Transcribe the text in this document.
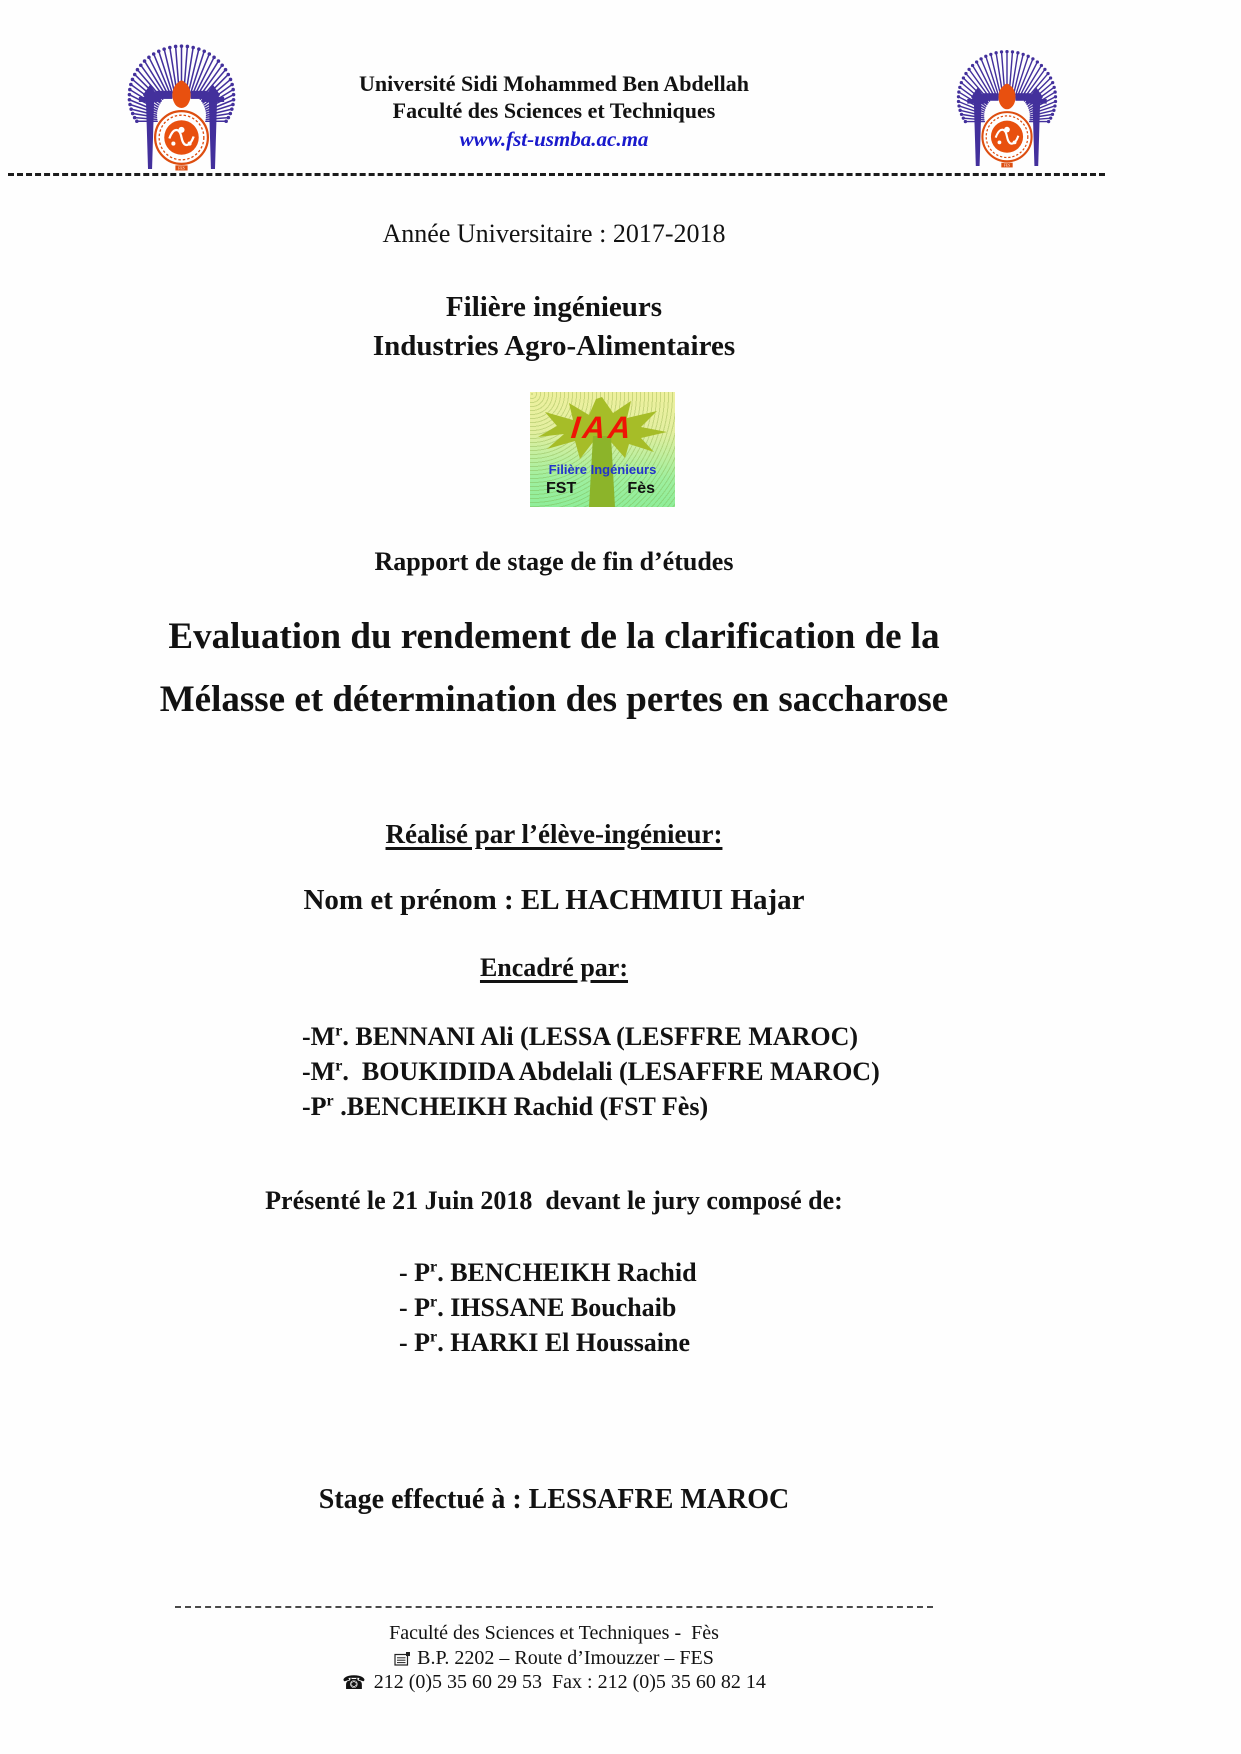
FES
FES
Université Sidi Mohammed Ben Abdellah
Faculté des Sciences et Techniques
www.fst-usmba.ac.ma
Année Universitaire : 2017-2018
Filière ingénieurs
Industries Agro-Alimentaires
IAA
Filière Ingénieurs
FST	Fès
Rapport de stage de fin d’études
Evaluation du rendement de la clarification de la
Mélasse et détermination des pertes en saccharose
Réalisé par l’élève-ingénieur:
Nom et prénom : EL HACHMIUI Hajar
Encadré par:
$-M^r$. BENNANI Ali (LESSA (LESFFRE MAROC)
$-M^r$.  BOUKIDIDA Abdelali (LESAFFRE MAROC)
$-P^r$ .BENCHEIKH Rachid (FST Fès)
Présenté le 21 Juin 2018  devant le jury composé de:
- $P^r$. BENCHEIKH Rachid
- $P^r$. IHSSANE Bouchaib
- $P^r$. HARKI El Houssaine
Stage effectué à : LESSAFRE MAROC
Faculté des Sciences et Techniques -  Fès
B.P. 2202 – Route d’Imouzzer – FES
☎ 212 (0)5 35 60 29 53  Fax : 212 (0)5 35 60 82 14
